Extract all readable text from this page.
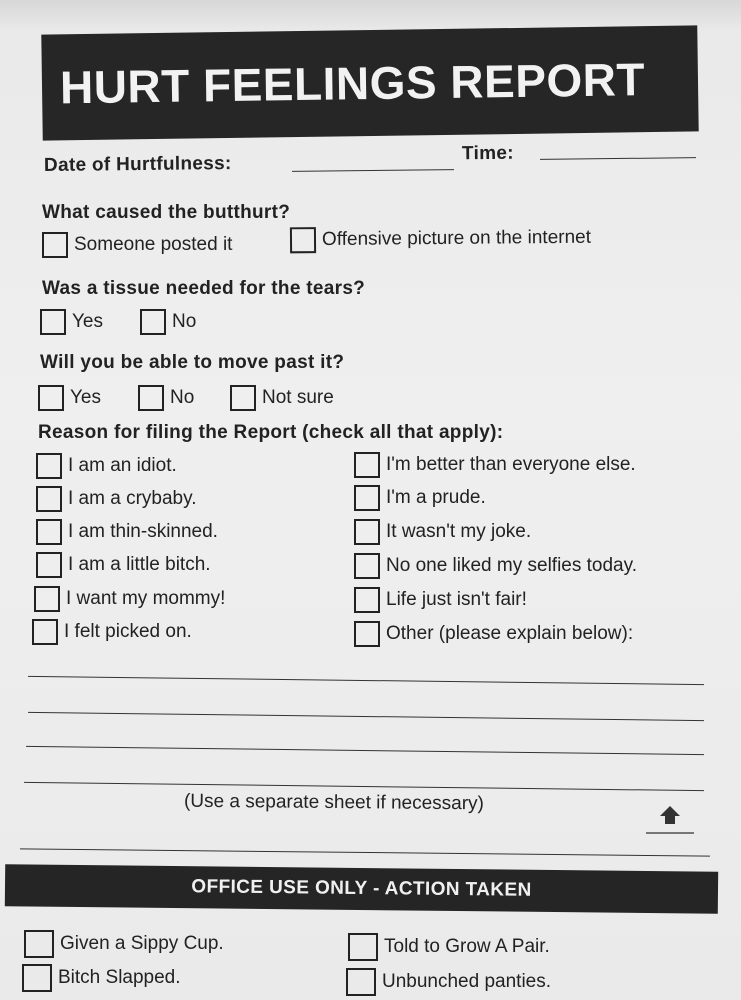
HURT FEELINGS REPORT
Date of Hurtfulness:	Time:
What caused the butthurt?
Someone posted it	Offensive picture on the internet
Was a tissue needed for the tears?
Yes	No
Will you be able to move past it?
Yes	No	Not sure
Reason for filing the Report (check all that apply):
I am an idiot.
I am a crybaby.
I am thin-skinned.
I am a little bitch.
I want my mommy!
I felt picked on.
I'm better than everyone else.
I'm a prude.
It wasn't my joke.
No one liked my selfies today.
Life just isn't fair!
Other (please explain below):
(Use a separate sheet if necessary)
OFFICE USE ONLY - ACTION TAKEN
Given a Sippy Cup.
Bitch Slapped.
Told to Grow A Pair.
Unbunched panties.
